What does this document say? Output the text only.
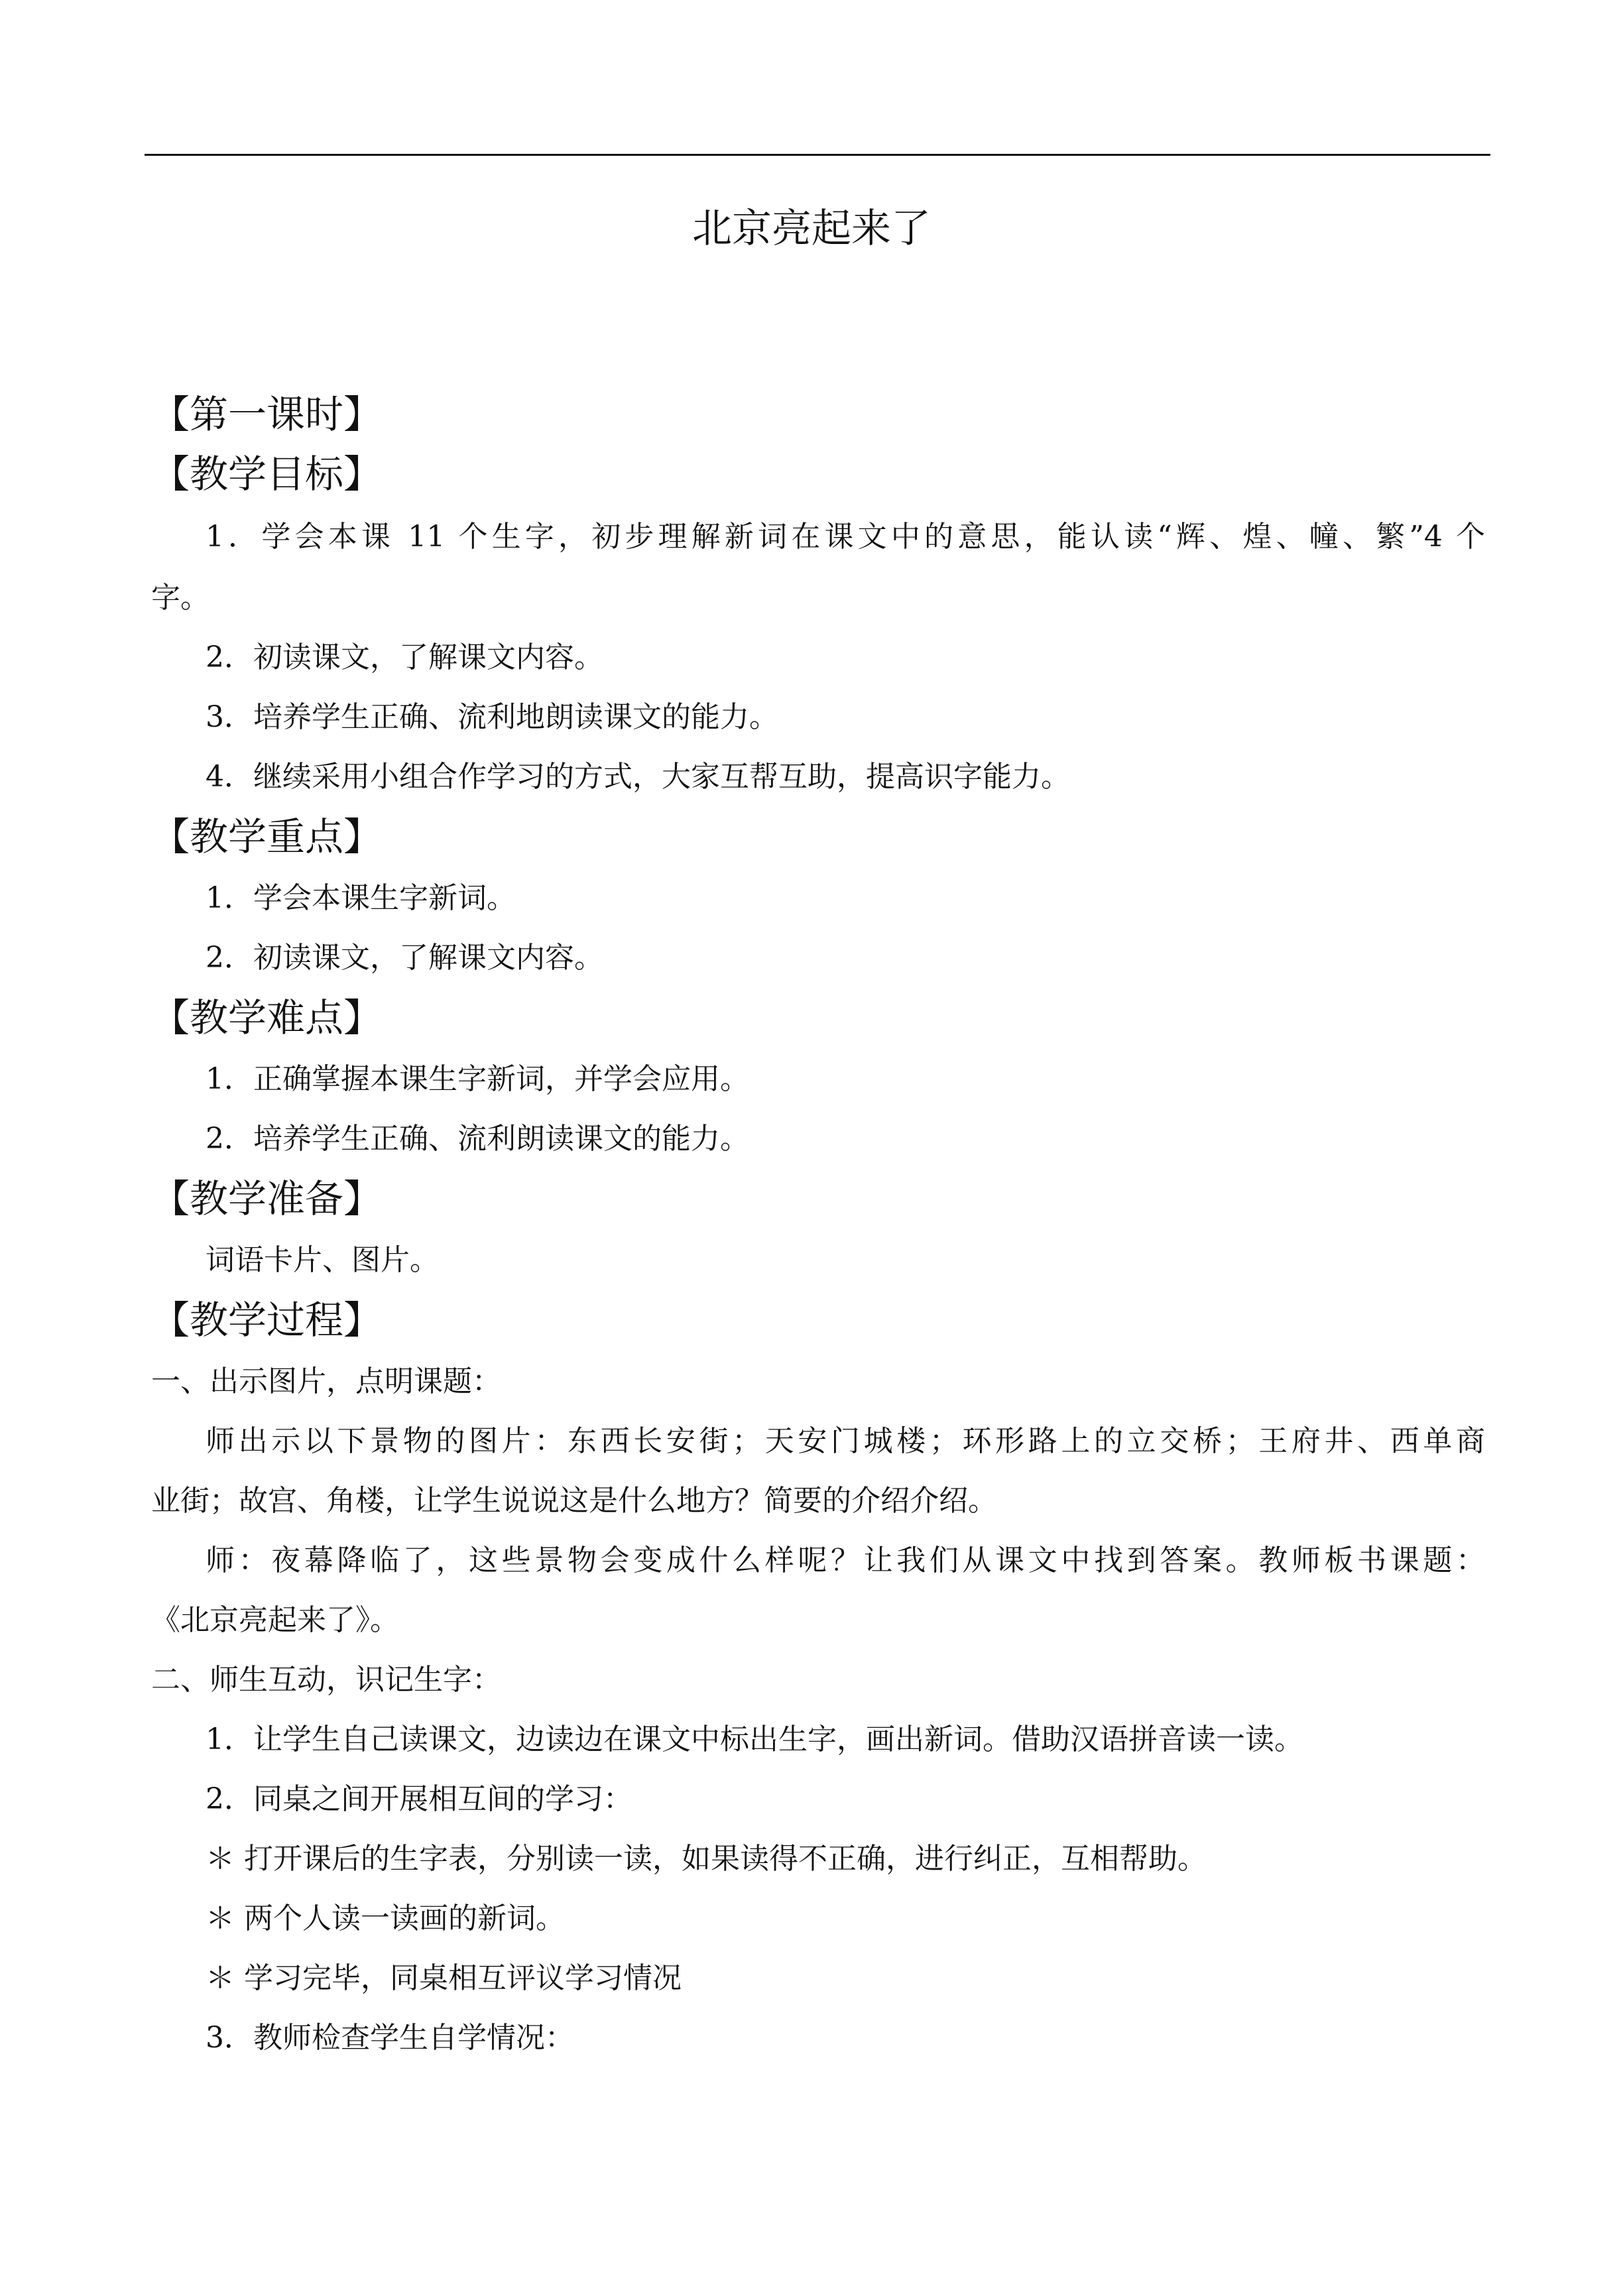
北京亮起来了
【第一课时】
【教学目标】
1．学会本课 11 个生字，初步理解新词在课文中的意思，能认读“辉、煌、幢、繁”4 个
字。
2．初读课文，了解课文内容。
3．培养学生正确、流利地朗读课文的能力。
4．继续采用小组合作学习的方式，大家互帮互助，提高识字能力。
【教学重点】
1．学会本课生字新词。
2．初读课文，了解课文内容。
【教学难点】
1．正确掌握本课生字新词，并学会应用。
2．培养学生正确、流利朗读课文的能力。
【教学准备】
词语卡片、图片。
【教学过程】
一、出示图片，点明课题：
师出示以下景物的图片：东西长安街；天安门城楼；环形路上的立交桥；王府井、西单商
业街；故宫、角楼，让学生说说这是什么地方？简要的介绍介绍。
师：夜幕降临了，这些景物会变成什么样呢？让我们从课文中找到答案。教师板书课题：
《北京亮起来了》。
二、师生互动，识记生字：
1．让学生自己读课文，边读边在课文中标出生字，画出新词。借助汉语拼音读一读。
2．同桌之间开展相互间的学习：
＊ 打开课后的生字表，分别读一读，如果读得不正确，进行纠正，互相帮助。
＊ 两个人读一读画的新词。
＊ 学习完毕，同桌相互评议学习情况
3．教师检查学生自学情况：
